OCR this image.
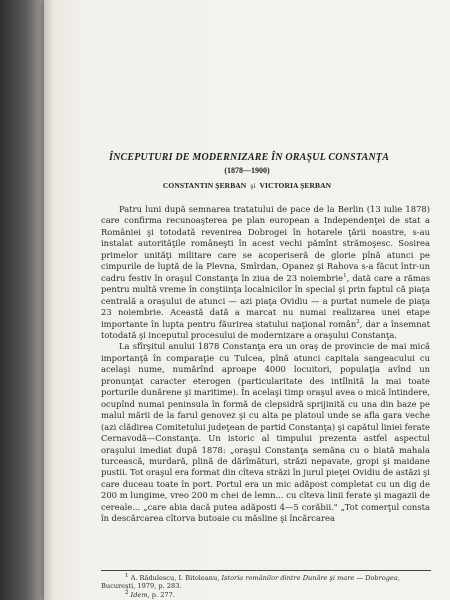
ÎNCEPUTURI DE MODERNIZARE ÎN ORAŞUL CONSTANŢA
(1878—1900)
CONSTANTIN ŞERBAN şi VICTORIA ŞERBAN

Patru luni după semnarea tratatului de pace de la Berlin (13 iulie 1878) care confirma recunoaşterea pe plan european a Independenţei de stat a României şi totodată revenirea Dobrogei în hotarele ţării noastre, s-au instalat autorităţile româneşti în acest vechi pămînt strămoşesc. Sosirea primelor unităţi militare care se acoperiseră de glorie pînă atunci pe cimpurile de luptă de la Plevna, Smîrdan, Opanez şi Rahova s-a făcut într-un cadru festiv în oraşul Constanţa în ziua de 23 noiembrie$^1$, dată care a rămas pentru multă vreme în conştiinţa localnicilor în special şi prin faptul că piaţa centrală a oraşului de atunci — azi piaţa Ovidiu — a purtat numele de piaţa 23 noiembrie. Această dată a marcat nu numai realizarea unei etape importante în lupta pentru făurirea statului naţional român$^2$, dar a însemnat totodată şi inceputul procesului de modernizare a oraşului Constanţa.

La sfîrşitul anului 1878 Constanţa era un oraş de provincie de mai mică importanţă în comparaţie cu Tulcea, pînă atunci capitala sangeacului cu acelaşi nume, numărînd aproape 4000 locuitori, populaţia avînd un pronunţat caracter eterogen (particularitate des intîlnită la mai toate porturile dunărene şi maritime). În acelaşi timp oraşul avea o mică întindere, ocupînd numai peninsula în formă de clepsidră sprijinită cu una din baze pe malul mării de la farul genovez şi cu alta pe platoul unde se afla gara veche (azi clădirea Comitetului judeţean de partid Constanţa) şi capătul liniei ferate Cernavodă—Constanţa. Un istoric al timpului prezenta astfel aspectul oraşului imediat după 1878: „oraşul Constanţa semăna cu o biată mahala turcească, murdară, plină de dărîmături, străzi nepavate, gropi şi maidane pustii. Tot oraşul era format din cîteva străzi în jurul pieţei Ovidiu de astăzi şi care duceau toate în port. Portul era un mic adăpost completat cu un dig de 200 m lungime, vreo 200 m chei de lemn... cu cîteva linii ferate şi magazii de cereale... „care abia dacă putea adăposti 4—5 corăbii." „Tot comerţul consta în descărcarea cîtorva butoaie cu măsline şi încărcarea

$^1$ A. Rădulescu, I. Bitoleanu, Istoria românilor dintre Dunăre şi mare — Dobrogea, Bucureşti, 1979, p. 283.

$^2$ Idem, p. 277.
